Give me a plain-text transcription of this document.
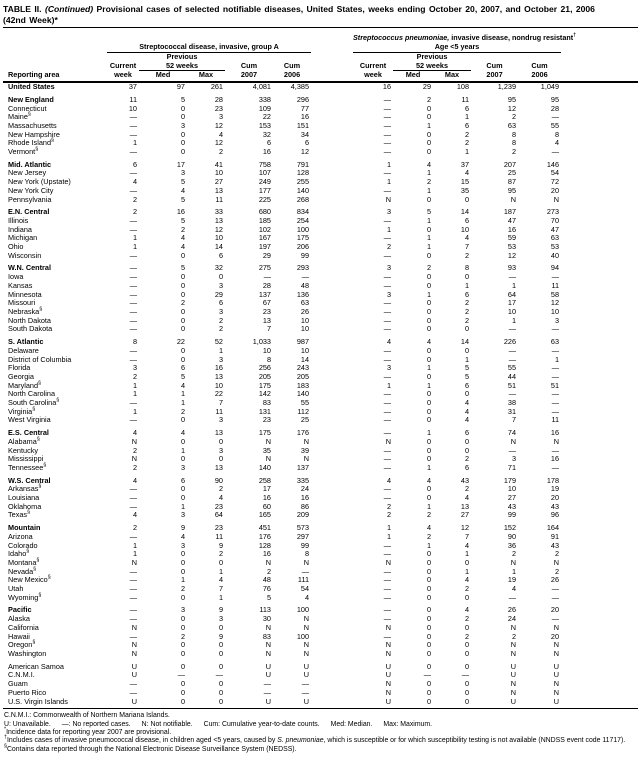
TABLE II. (Continued) Provisional cases of selected notifiable diseases, United States, weeks ending October 20, 2007, and October 21, 2006
(42nd Week)*
	Streptococcal disease, invasive, group A						Streptococcus pneumoniae, invasive disease, nondrug resistant†
Age <5 years					

		Previous						Previous				
	Current	52 weeks		Cum	Cum		Current	52 weeks		Cum	Cum	
Reporting area	week	Med	Max	2007	2006		week	Med	Max	2007	2006	
United States	37	97	261	4,081	4,385		16	29	108	1,239	1,049	
New England	11	5	28	338	296		—	2	11	95	95	
Connecticut	10	0	23	109	77		—	0	6	12	28	
Maine§	—	0	3	22	16		—	0	1	2	—	
Massachusetts	—	3	12	153	151		—	1	6	63	55	
New Hampshire	—	0	4	32	34		—	0	2	8	8	
Rhode Island§	1	0	12	6	6		—	0	2	8	4	
Vermont§	—	0	2	16	12		—	0	1	2	—	
Mid. Atlantic	6	17	41	758	791		1	4	37	207	146	
New Jersey	—	3	10	107	128		—	1	4	25	54	
New York (Upstate)	4	5	27	249	255		1	2	15	87	72	
New York City	—	4	13	177	140		—	1	35	95	20	
Pennsylvania	2	5	11	225	268		N	0	0	N	N	
E.N. Central	2	16	33	680	834		3	5	14	187	273	
Illinois	—	5	13	185	254		—	1	6	47	70	
Indiana	—	2	12	102	100		1	0	10	16	47	
Michigan	1	4	10	167	175		—	1	4	59	63	
Ohio	1	4	14	197	206		2	1	7	53	53	
Wisconsin	—	0	6	29	99		—	0	2	12	40	
W.N. Central	—	5	32	275	293		3	2	8	93	94	
Iowa	—	0	0	—	—		—	0	0	—	—	
Kansas	—	0	3	28	48		—	0	1	1	11	
Minnesota	—	0	29	137	136		3	1	6	64	58	
Missouri	—	2	6	67	63		—	0	2	17	12	
Nebraska§	—	0	3	23	26		—	0	2	10	10	
North Dakota	—	0	2	13	10		—	0	2	1	3	
South Dakota	—	0	2	7	10		—	0	0	—	—	
S. Atlantic	8	22	52	1,033	987		4	4	14	226	63	
Delaware	—	0	1	10	10		—	0	0	—	—	
District of Columbia	—	0	3	8	14		—	0	1	—	1	
Florida	3	6	16	256	243		3	1	5	55	—	
Georgia	2	5	13	205	205		—	0	5	44	—	
Maryland§	1	4	10	175	183		1	1	6	51	51	
North Carolina	1	1	22	142	140		—	0	0	—	—	
South Carolina§	—	1	7	83	55		—	0	4	38	—	
Virginia§	1	2	11	131	112		—	0	4	31	—	
West Virginia	—	0	3	23	25		—	0	4	7	11	
E.S. Central	4	4	13	175	176		—	1	6	74	16	
Alabama§	N	0	0	N	N		N	0	0	N	N	
Kentucky	2	1	3	35	39		—	0	0	—	—	
Mississippi	N	0	0	N	N		—	0	2	3	16	
Tennessee§	2	3	13	140	137		—	1	6	71	—	
W.S. Central	4	6	90	258	335		4	4	43	179	178	
Arkansas§	—	0	2	17	24		—	0	2	10	19	
Louisiana	—	0	4	16	16		—	0	4	27	20	
Oklahoma	—	1	23	60	86		2	1	13	43	43	
Texas§	4	3	64	165	209		2	2	27	99	96	
Mountain	2	9	23	451	573		1	4	12	152	164	
Arizona	—	4	11	176	297		1	2	7	90	91	
Colorado	1	3	9	128	99		—	1	4	36	43	
Idaho§	1	0	2	16	8		—	0	1	2	2	
Montana§	N	0	0	N	N		N	0	0	N	N	
Nevada§	—	0	1	2	—		—	0	1	1	2	
New Mexico§	—	1	4	48	111		—	0	4	19	26	
Utah	—	2	7	76	54		—	0	2	4	—	
Wyoming§	—	0	1	5	4		—	0	0	—	—	
Pacific	—	3	9	113	100		—	0	4	26	20	
Alaska	—	0	3	30	N		—	0	2	24	—	
California	N	0	0	N	N		N	0	0	N	N	
Hawaii	—	2	9	83	100		—	0	2	2	20	
Oregon§	N	0	0	N	N		N	0	0	N	N	
Washington	N	0	0	N	N		N	0	0	N	N	
American Samoa	U	0	0	U	U		U	0	0	U	U	
C.N.M.I.	U	—	—	U	U		U	—	—	U	U	
Guam	—	0	0	—	—		N	0	0	N	N	
Puerto Rico	—	0	0	—	—		N	0	0	N	N	
U.S. Virgin Islands	U	0	0	U	U		U	0	0	U	U	
C.N.M.I.: Commonwealth of Northern Mariana Islands.
U: Unavailable. —: No reported cases. N: Not notifiable. Cum: Cumulative year-to-date counts. Med: Median. Max: Maximum.
*Incidence data for reporting year 2007 are provisional.
†Includes cases of invasive pneumococcal disease, in children aged <5 years, caused by S. pneumoniae, which is susceptible or for which susceptibility testing is not available (NNDSS event code 11717).
§Contains data reported through the National Electronic Disease Surveillance System (NEDSS).
